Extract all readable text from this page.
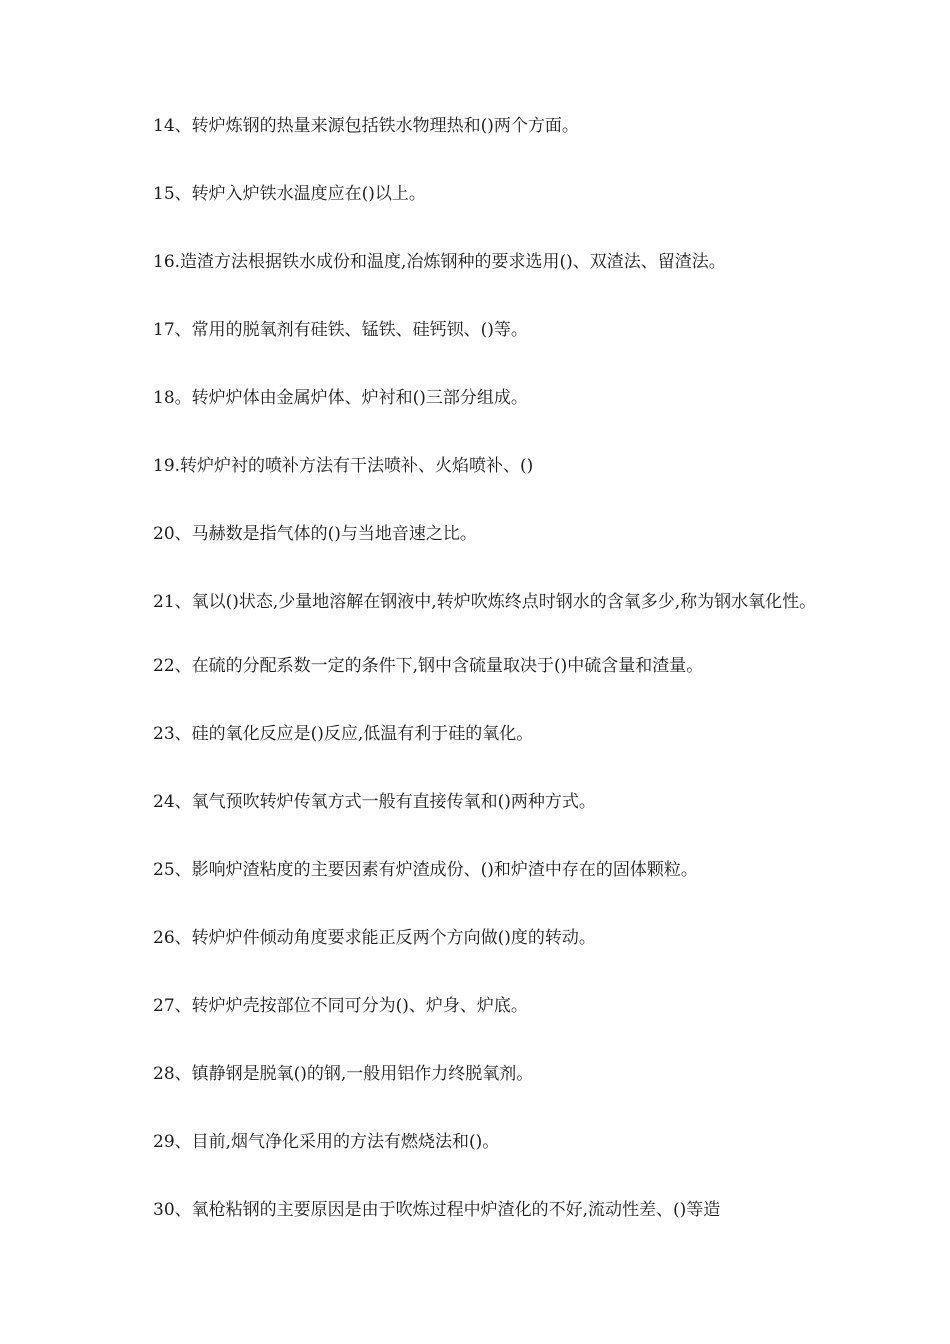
14、转炉炼钢的热量来源包括铁水物理热和()两个方面。

15、转炉入炉铁水温度应在()以上。

16.造渣方法根据铁水成份和温度,冶炼钢种的要求选用()、双渣法、留渣法。

17、常用的脱氧剂有硅铁、锰铁、硅钙钡、()等。

18。转炉炉体由金属炉体、炉衬和()三部分组成。

19.转炉炉衬的喷补方法有干法喷补、火焰喷补、()

20、马赫数是指气体的()与当地音速之比。

21、氧以()状态,少量地溶解在钢液中,转炉吹炼终点时钢水的含氧多少,称为钢水氧化性。

22、在硫的分配系数一定的条件下,钢中含硫量取决于()中硫含量和渣量。

23、硅的氧化反应是()反应,低温有利于硅的氧化。

24、氧气预吹转炉传氧方式一般有直接传氧和()两种方式。

25、影响炉渣粘度的主要因素有炉渣成份、()和炉渣中存在的固体颗粒。

26、转炉炉件倾动角度要求能正反两个方向做()度的转动。

27、转炉炉壳按部位不同可分为()、炉身、炉底。

28、镇静钢是脱氧()的钢,一般用铝作力终脱氧剂。

29、目前,烟气净化采用的方法有燃烧法和()。

30、氧枪粘钢的主要原因是由于吹炼过程中炉渣化的不好,流动性差、()等造
